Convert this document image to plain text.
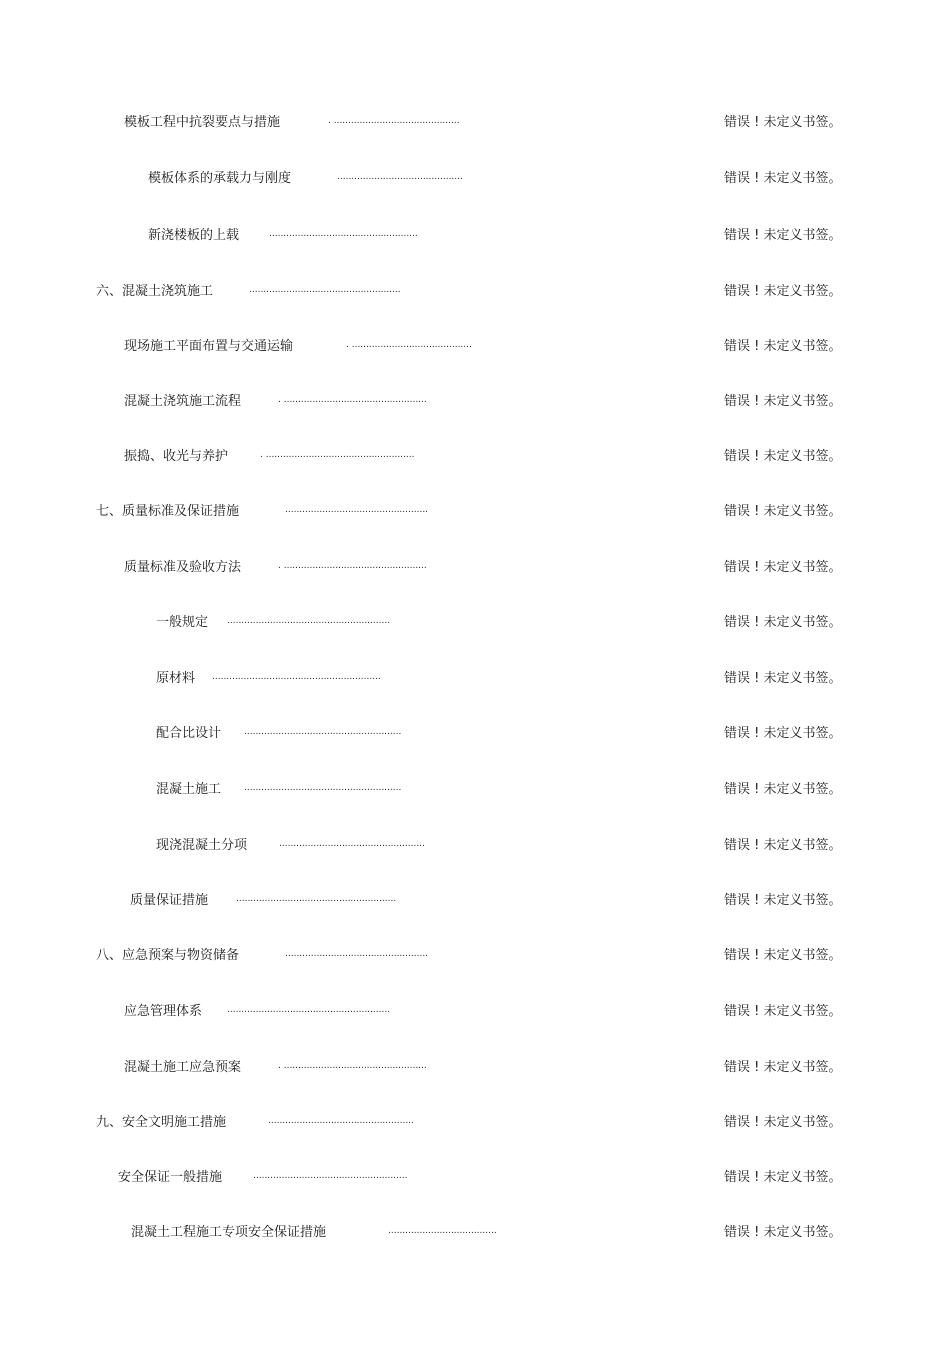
模板工程中抗裂要点与措施	. ............................................	错误 ! 未定义书签。
模板体系的承载力与刚度	............................................	错误 ! 未定义书签。
新浇楼板的上载	....................................................	错误 ! 未定义书签。
六、混凝土浇筑施工	.....................................................	错误 ! 未定义书签。
现场施工平面布置与交通运输	. ..........................................	错误 ! 未定义书签。
混凝土浇筑施工流程	. ..................................................	错误 ! 未定义书签。
振捣、收光与养护	. ....................................................	错误 ! 未定义书签。
七、质量标准及保证措施	..................................................	错误 ! 未定义书签。
质量标准及验收方法	. ..................................................	错误 ! 未定义书签。
一般规定 .........................................................	错误 ! 未定义书签。
原材料 ...........................................................	错误 ! 未定义书签。
配合比设计	.......................................................	错误 ! 未定义书签。
混凝土施工	.......................................................	错误 ! 未定义书签。
现浇混凝土分项	...................................................	错误 ! 未定义书签。
质量保证措施	........................................................	错误 ! 未定义书签。
八、应急预案与物资储备	..................................................	错误 ! 未定义书签。
应急管理体系	.........................................................	错误 ! 未定义书签。
混凝土施工应急预案	. ..................................................	错误 ! 未定义书签。
九、安全文明施工措施	...................................................	错误 ! 未定义书签。
安全保证一般措施	......................................................	错误 ! 未定义书签。
混凝土工程施工专项安全保证措施	......................................	错误 ! 未定义书签。
